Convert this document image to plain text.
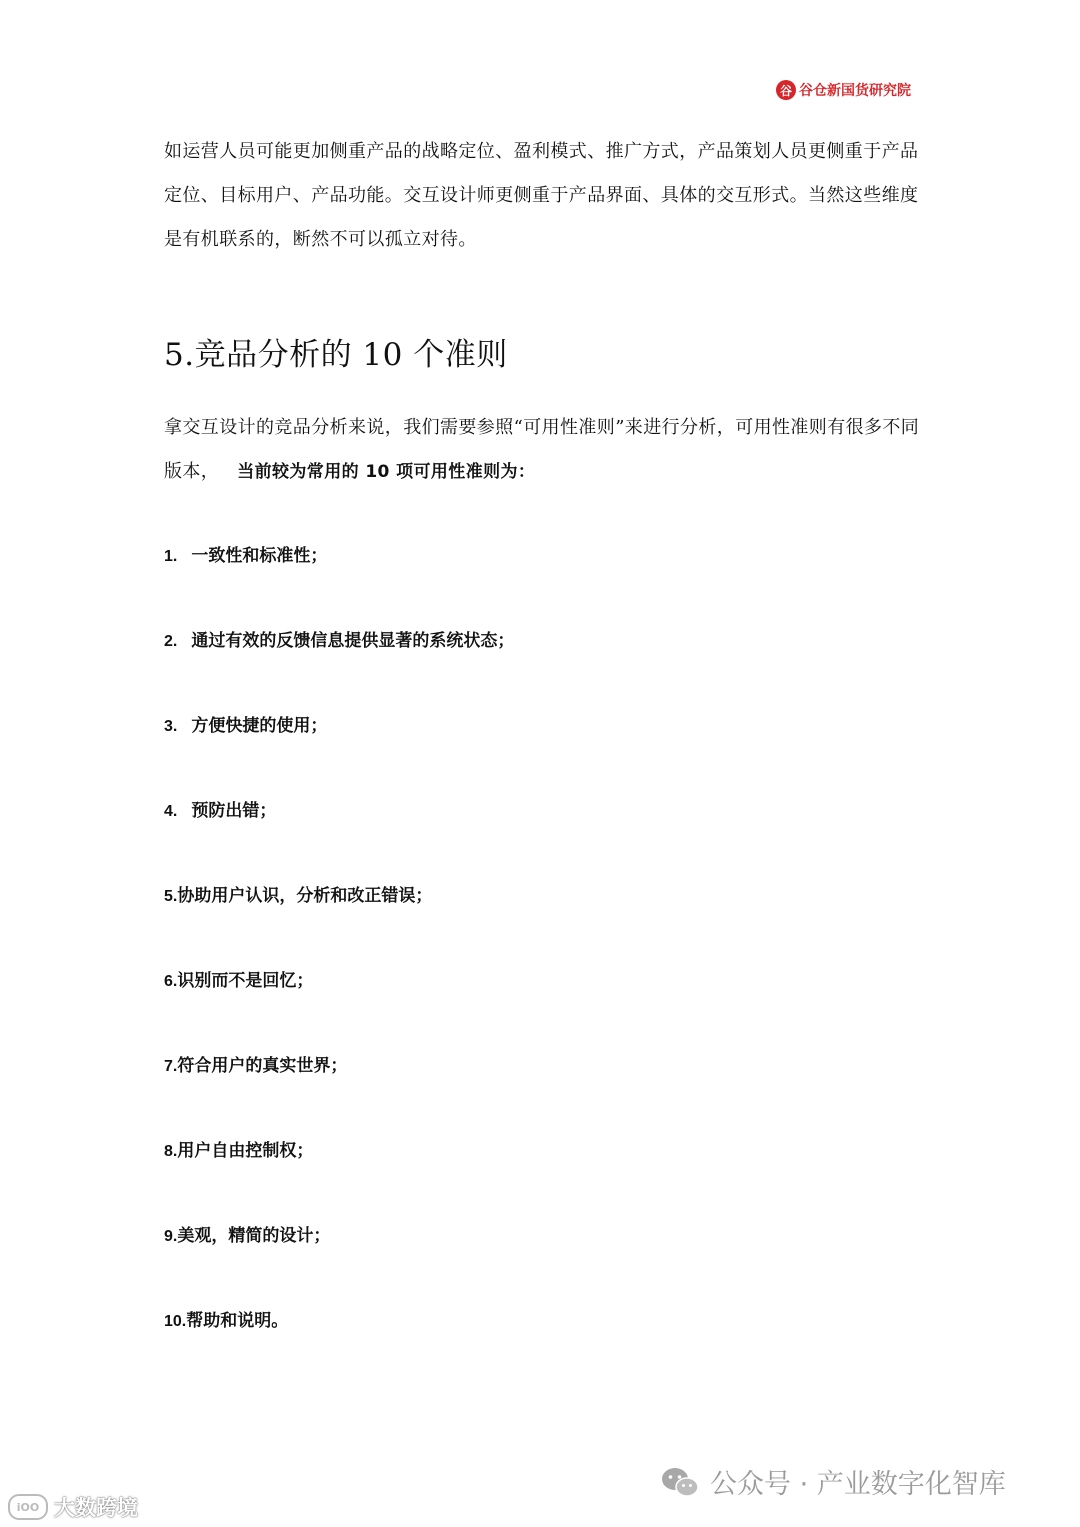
谷 谷仓新国货研究院

如运营人员可能更加侧重产品的战略定位、盈利模式、推广方式，产品策划人员更侧重于产品定位、目标用户、产品功能。交互设计师更侧重于产品界面、具体的交互形式。当然这些维度是有机联系的，断然不可以孤立对待。

5.竞品分析的 10 个准则

拿交互设计的竞品分析来说，我们需要参照“可用性准则”来进行分析，可用性准则有很多不同版本， 当前较为常用的 10 项可用性准则为：

1. 一致性和标准性；
2. 通过有效的反馈信息提供显著的系统状态；
3. 方便快捷的使用；
4. 预防出错；
5.协助用户认识，分析和改正错误；
6.识别而不是回忆；
7.符合用户的真实世界；
8.用户自由控制权；
9.美观，精简的设计；
10.帮助和说明。
iOO 大数跨境
公众号 · 产业数字化智库
